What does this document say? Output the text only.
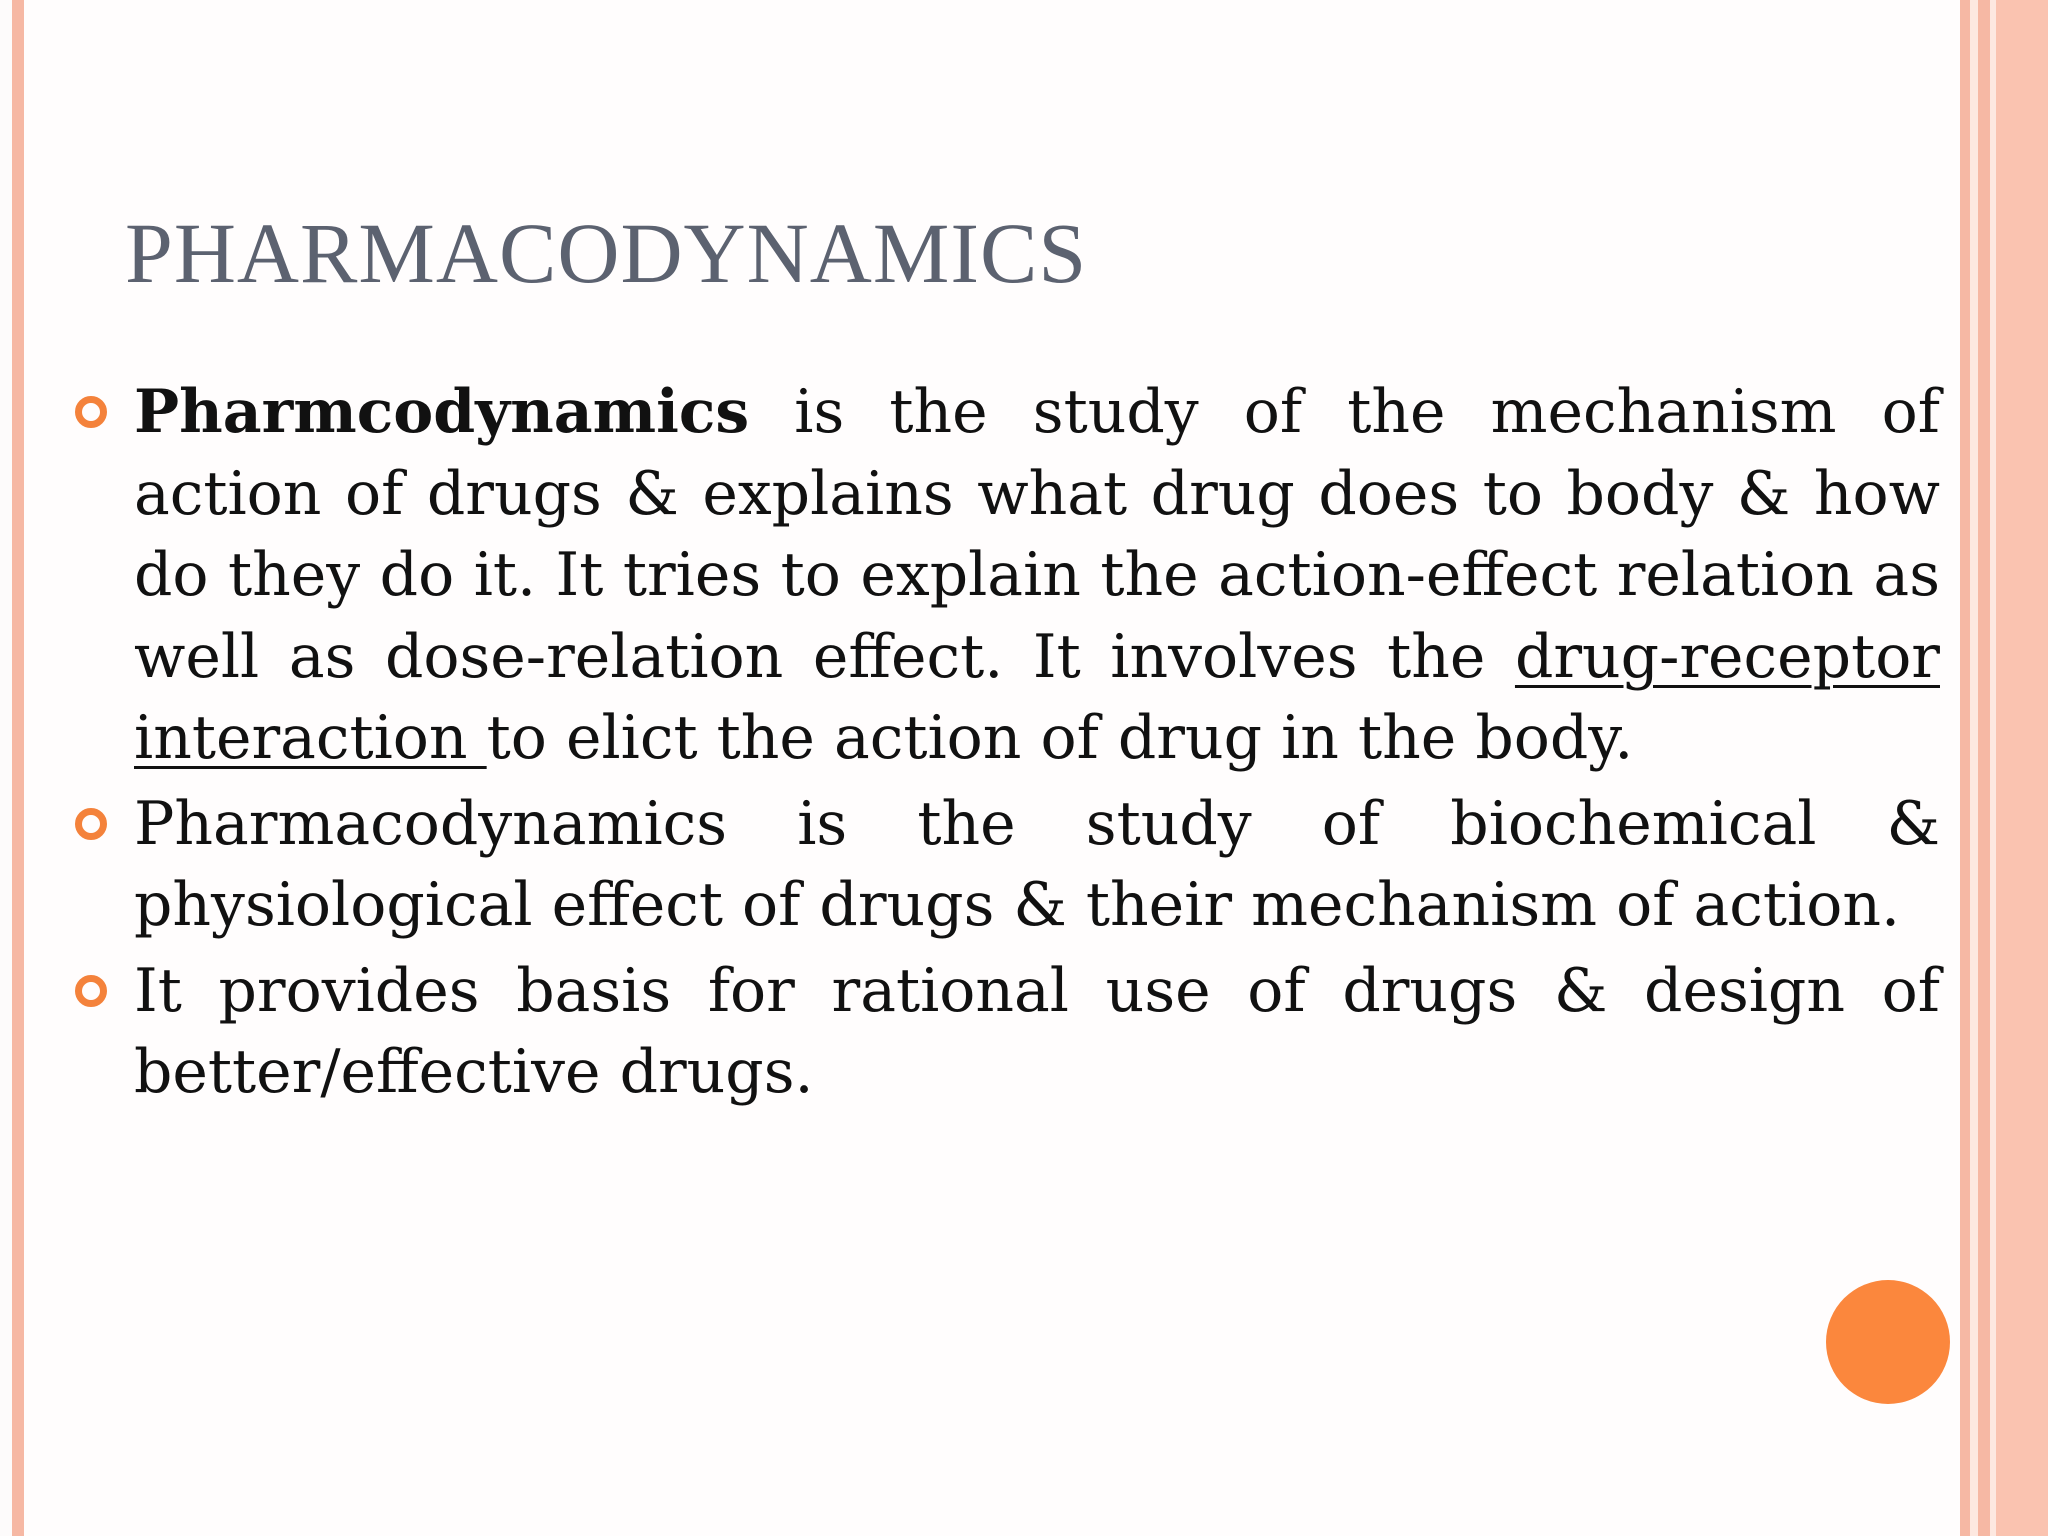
PHARMACODYNAMICS
Pharmcodynamics is the study of the mechanism of action of drugs & explains what drug does to body & how do they do it. It tries to explain the action-effect relation as well as dose-relation effect. It involves the drug-receptor interaction to elict the action of drug in the body.
Pharmacodynamics is the study of biochemical & physiological effect of drugs & their mechanism of action.
It provides basis for rational use of drugs & design of better/effective drugs.
